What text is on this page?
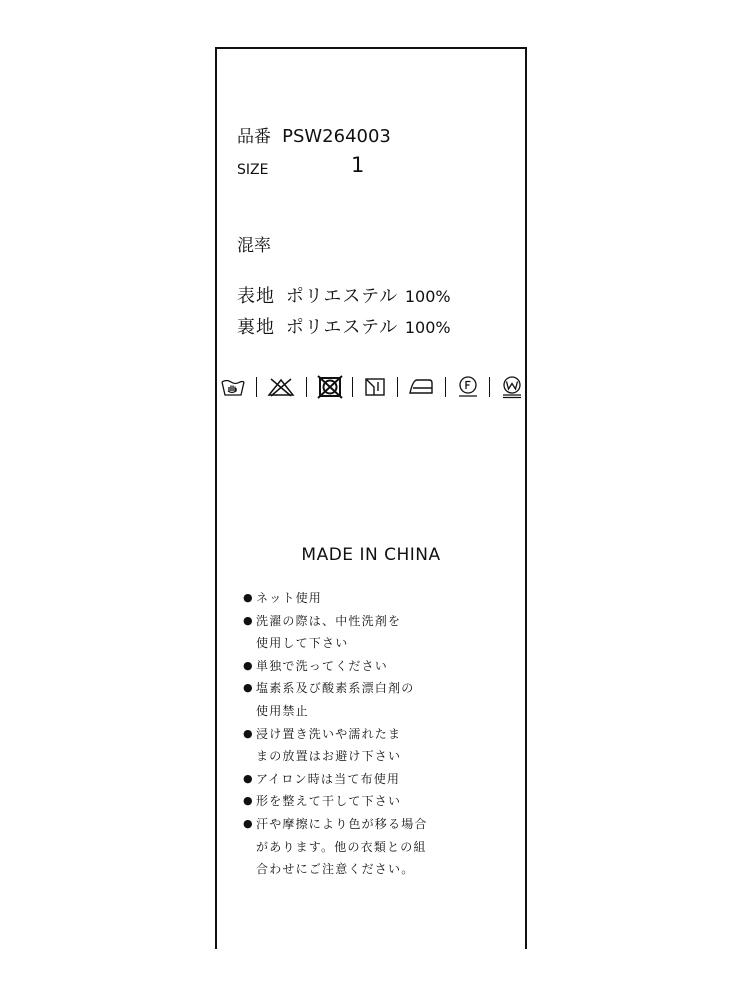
品番 PSW264003
SIZE	1
混率
表地 ポリエステル 100%
裏地 ポリエステル 100%
MADE IN CHINA
● ネット使用
● 洗濯の際は、中性洗剤を
使用して下さい
● 単独で洗ってください
● 塩素系及び酸素系漂白剤の
使用禁止
● 浸け置き洗いや濡れたま
まの放置はお避け下さい
● アイロン時は当て布使用
● 形を整えて干して下さい
● 汗や摩擦により色が移る場合
があります。他の衣類との組
合わせにご注意ください。
